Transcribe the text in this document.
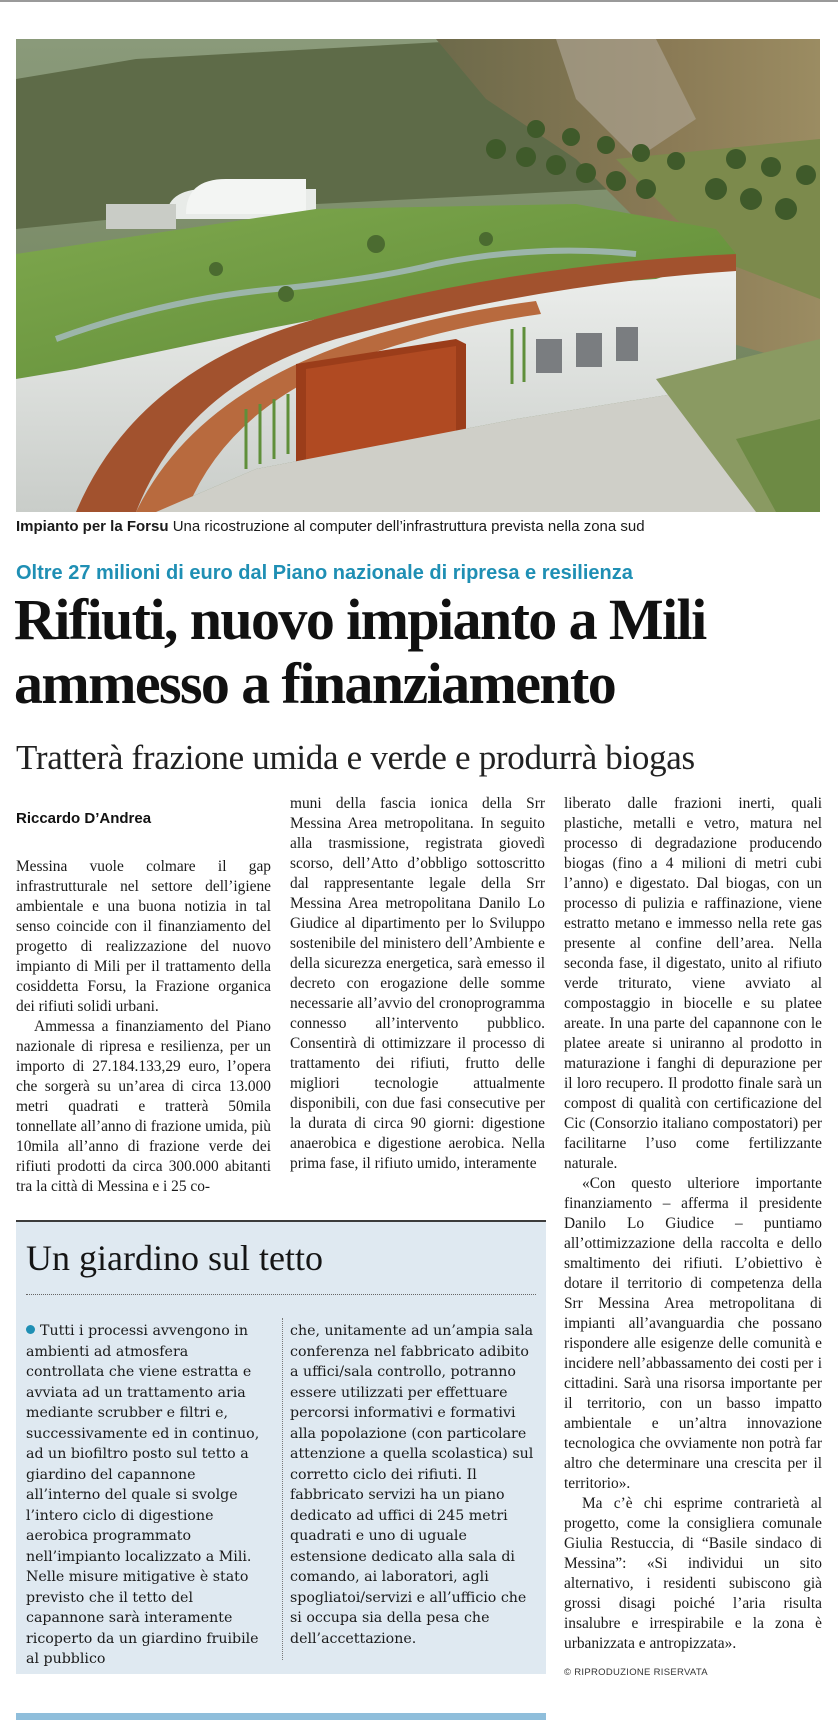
Impianto per la Forsu Una ricostruzione al computer dell’infrastruttura prevista nella zona sud
Oltre 27 milioni di euro dal Piano nazionale di ripresa e resilienza
Rifiuti, nuovo impianto a Mili
ammesso a finanziamento
Tratterà frazione umida e verde e produrrà biogas
Riccardo D’Andrea

Messina vuole colmare il gap infrastrutturale nel settore dell’igiene ambientale e una buona notizia in tal senso coincide con il finanziamento del progetto di realizzazione del nuovo impianto di Mili per il trattamento della cosiddetta Forsu, la Frazione organica dei rifiuti solidi urbani.

Ammessa a finanziamento del Piano nazionale di ripresa e resilienza, per un importo di 27.184.133,29 euro, l’opera che sorgerà su un’area di circa 13.000 metri quadrati e tratterà 50mila tonnellate all’anno di frazione umida, più 10mila all’anno di frazione verde dei rifiuti prodotti da circa 300.000 abitanti tra la città di Messina e i 25 co-

muni della fascia ionica della Srr Messina Area metropolitana. In seguito alla trasmissione, registrata giovedì scorso, dell’Atto d’obbligo sottoscritto dal rappresentante legale della Srr Messina Area metropolitana Danilo Lo Giudice al dipartimento per lo Sviluppo sostenibile del ministero dell’Ambiente e della sicurezza energetica, sarà emesso il decreto con erogazione delle somme necessarie all’avvio del cronoprogramma connesso all’intervento pubblico. Consentirà di ottimizzare il processo di trattamento dei rifiuti, frutto delle migliori tecnologie attualmente disponibili, con due fasi consecutive per la durata di circa 90 giorni: digestione anaerobica e digestione aerobica. Nella prima fase, il rifiuto umido, interamente

liberato dalle frazioni inerti, quali plastiche, metalli e vetro, matura nel processo di degradazione producendo biogas (fino a 4 milioni di metri cubi l’anno) e digestato. Dal biogas, con un processo di pulizia e raffinazione, viene estratto metano e immesso nella rete gas presente al confine dell’area. Nella seconda fase, il digestato, unito al rifiuto verde triturato, viene avviato al compostaggio in biocelle e su platee areate. In una parte del capannone con le platee areate si uniranno al prodotto in maturazione i fanghi di depurazione per il loro recupero. Il prodotto finale sarà un compost di qualità con certificazione del Cic (Consorzio italiano compostatori) per facilitarne l’uso come fertilizzante naturale.

«Con questo ulteriore importante finanziamento – afferma il presidente Danilo Lo Giudice – puntiamo all’ottimizzazione della raccolta e dello smaltimento dei rifiuti. L’obiettivo è dotare il territorio di competenza della Srr Messina Area metropolitana di impianti all’avanguardia che possano rispondere alle esigenze delle comunità e incidere nell’abbassamento dei costi per i cittadini. Sarà una risorsa importante per il territorio, con un basso impatto ambientale e un’altra innovazione tecnologica che ovviamente non potrà far altro che determinare una crescita per il territorio».

Ma c’è chi esprime contrarietà al progetto, come la consigliera comunale Giulia Restuccia, di “Basile sindaco di Messina”: «Si individui un sito alternativo, i residenti subiscono già grossi disagi poiché l’aria risulta insalubre e irrespirabile e la zona è urbanizzata e antropizzata».

© RIPRODUZIONE RISERVATA
Un giardino sul tetto

Tutti i processi avvengono in ambienti ad atmosfera controllata che viene estratta e avviata ad un trattamento aria mediante scrubber e filtri e, successivamente ed in continuo, ad un biofiltro posto sul tetto a giardino del capannone all’interno del quale si svolge l’intero ciclo di digestione aerobica programmato nell’impianto localizzato a Mili. Nelle misure mitigative è stato previsto che il tetto del capannone sarà interamente ricoperto da un giardino fruibile al pubblico

che, unitamente ad un’ampia sala conferenza nel fabbricato adibito a uffici/sala controllo, potranno essere utilizzati per effettuare percorsi informativi e formativi alla popolazione (con particolare attenzione a quella scolastica) sul corretto ciclo dei rifiuti. Il fabbricato servizi ha un piano dedicato ad uffici di 245 metri quadrati e uno di uguale estensione dedicato alla sala di comando, ai laboratori, agli spogliatoi/servizi e all’ufficio che si occupa sia della pesa che dell’accettazione.
